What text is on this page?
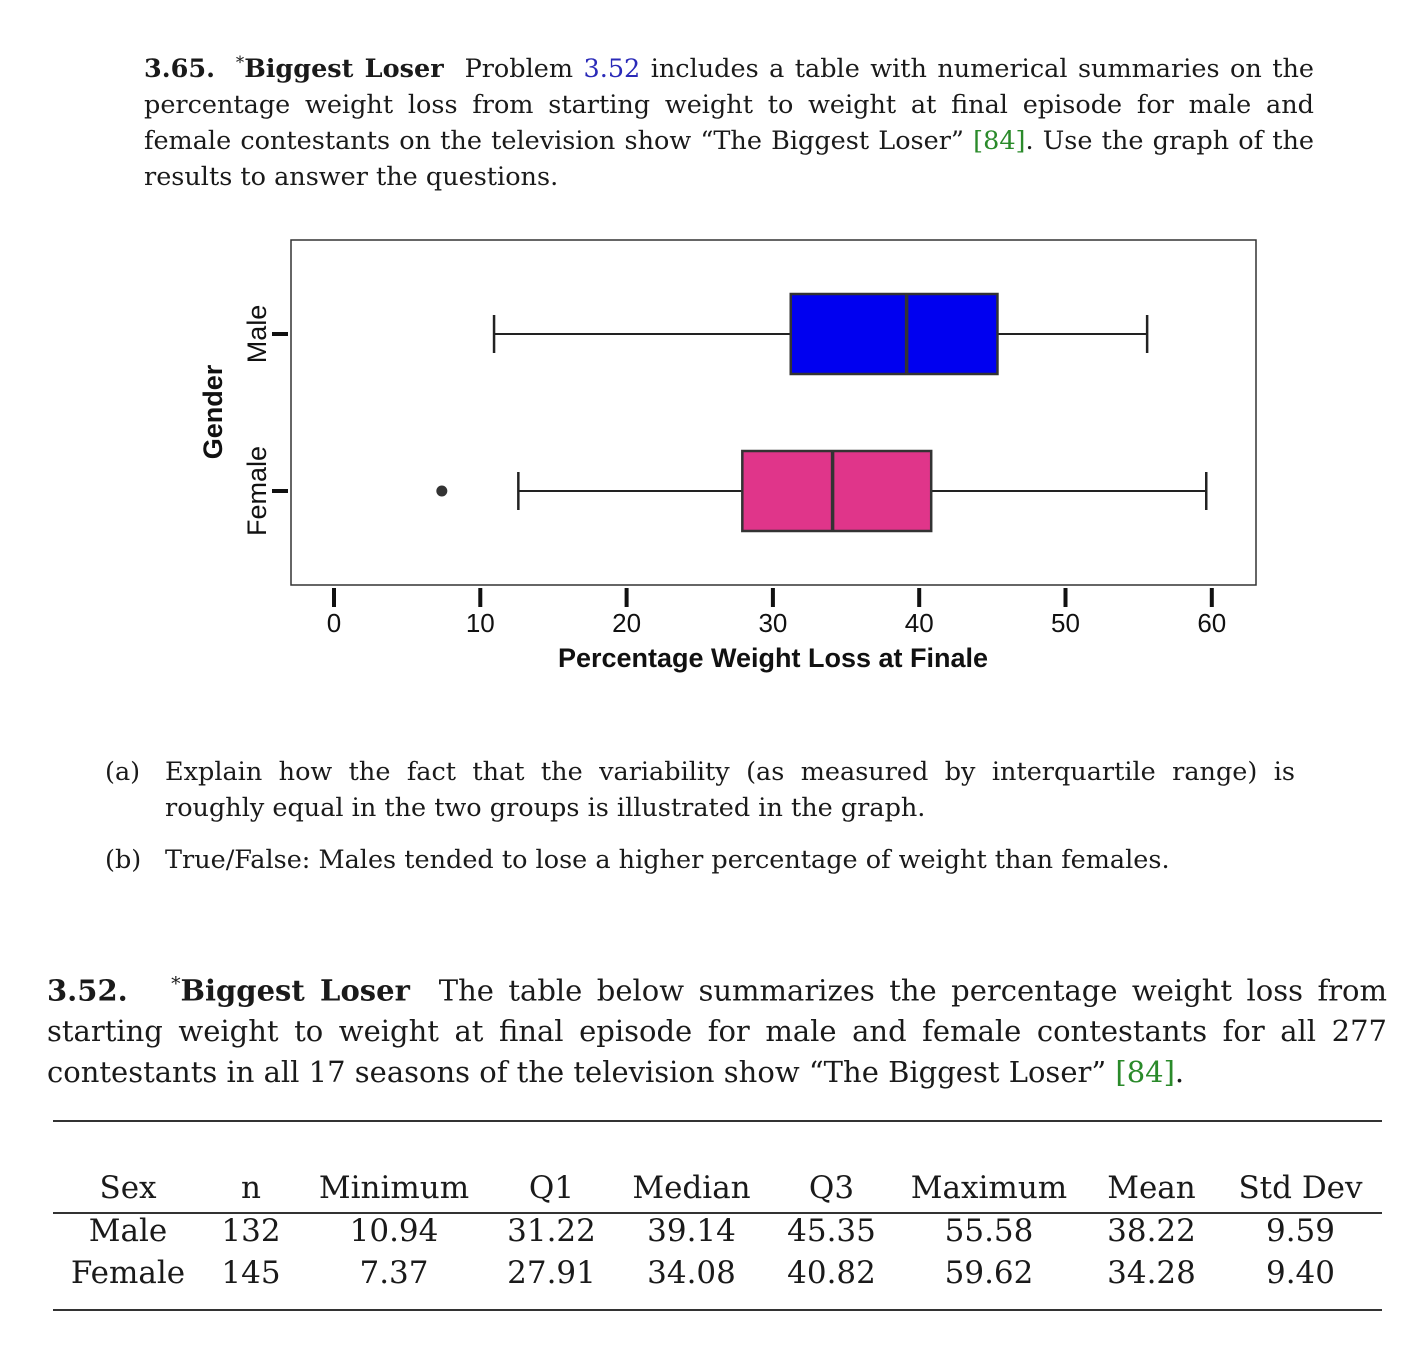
3.65. *Biggest Loser Problem 3.52 includes a table with numerical summaries on the percentage weight loss from starting weight to weight at final episode for male and female contestants on the television show “The Biggest Loser” [84]. Use the graph of the results to answer the questions.

0	10	20	30	40	50	60
Male
Female
Percentage Weight Loss at Finale
Gender
(a) Explain how the fact that the variability (as measured by interquartile range) is roughly equal in the two groups is illustrated in the graph.
(b) True/False: Males tended to lose a higher percentage of weight than females.

3.52. *Biggest Loser  The table below summarizes the percentage weight loss from starting weight to weight at final episode for male and female contestants for all 277 contestants in all 17 seasons of the television show “The Biggest Loser” [84].

Sex	n	Minimum	Q1	Median	Q3	Maximum	Mean	Std Dev
Male	132	10.94	31.22	39.14	45.35	55.58	38.22	9.59
Female	145	7.37	27.91	34.08	40.82	59.62	34.28	9.40
